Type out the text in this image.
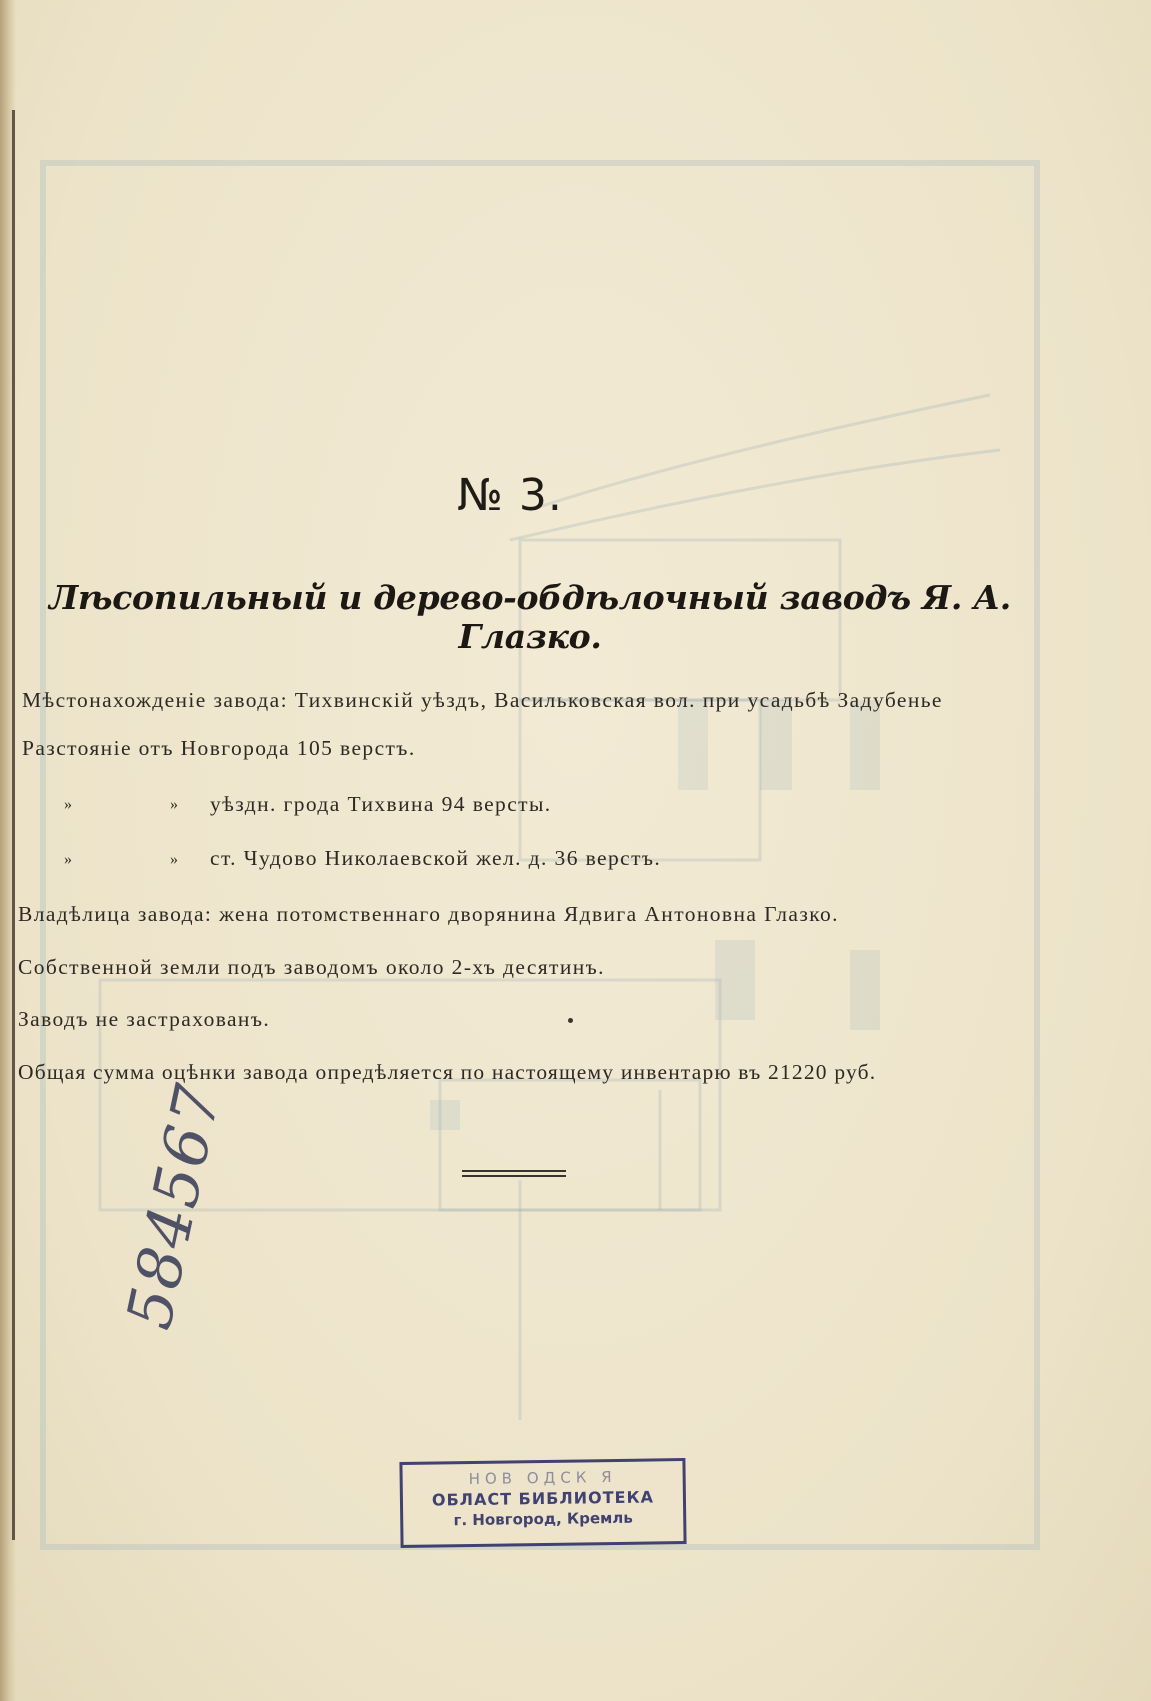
№ 3.
Лѣсопильный и дерево-обдѣлочный заводъ Я. А. Глазко.
Мѣстонахожденіе завода: Тихвинскій уѣздъ, Васильковская вол. при усадьбѣ Задубенье
Разстояніе отъ Новгорода 105 верстъ.
»	» уѣздн. грода Тихвина 94 версты.
»	» ст. Чудово Николаевской жел. д. 36 верстъ.
Владѣлица завода: жена потомственнаго дворянина Ядвига Антоновна Глазко.
Собственной земли подъ заводомъ около 2-хъ десятинъ.
Заводъ не застрахованъ.
Общая сумма оцѣнки завода опредѣляется по настоящему инвентарю въ 21220 руб.
584567
НОВ ОДСК Я
ОБЛАСТ БИБЛИОТЕКА
г. Новгород, Кремль
